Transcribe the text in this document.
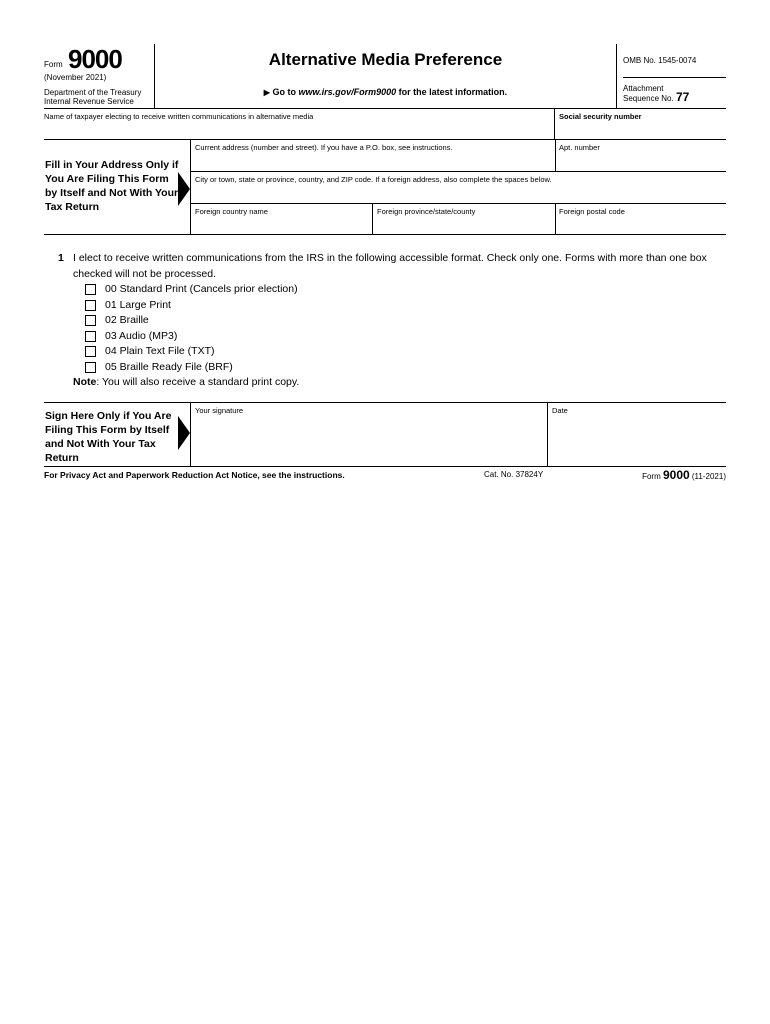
Form 9000
(November 2021)
Department of the Treasury
Internal Revenue Service
Alternative Media Preference
▶ Go to www.irs.gov/Form9000 for the latest information.
OMB No. 1545-0074
Attachment
Sequence No. 77
Name of taxpayer electing to receive written communications in alternative media	Social security number
Fill in Your Address Only if You Are Filing This Form by Itself and Not With Your Tax Return
Current address (number and street). If you have a P.O. box, see instructions.	Apt. number
City or town, state or province, country, and ZIP code. If a foreign address, also complete the spaces below.
Foreign country name	Foreign province/state/county	Foreign postal code
1 I elect to receive written communications from the IRS in the following accessible format. Check only one. Forms with more than one box checked will not be processed.
00 Standard Print (Cancels prior election)
01 Large Print
02 Braille
03 Audio (MP3)
04 Plain Text File (TXT)
05 Braille Ready File (BRF)
Note: You will also receive a standard print copy.
Sign Here Only if You Are Filing This Form by Itself and Not With Your Tax Return
Your signature	Date
For Privacy Act and Paperwork Reduction Act Notice, see the instructions.	Cat. No. 37824Y	Form 9000 (11-2021)
